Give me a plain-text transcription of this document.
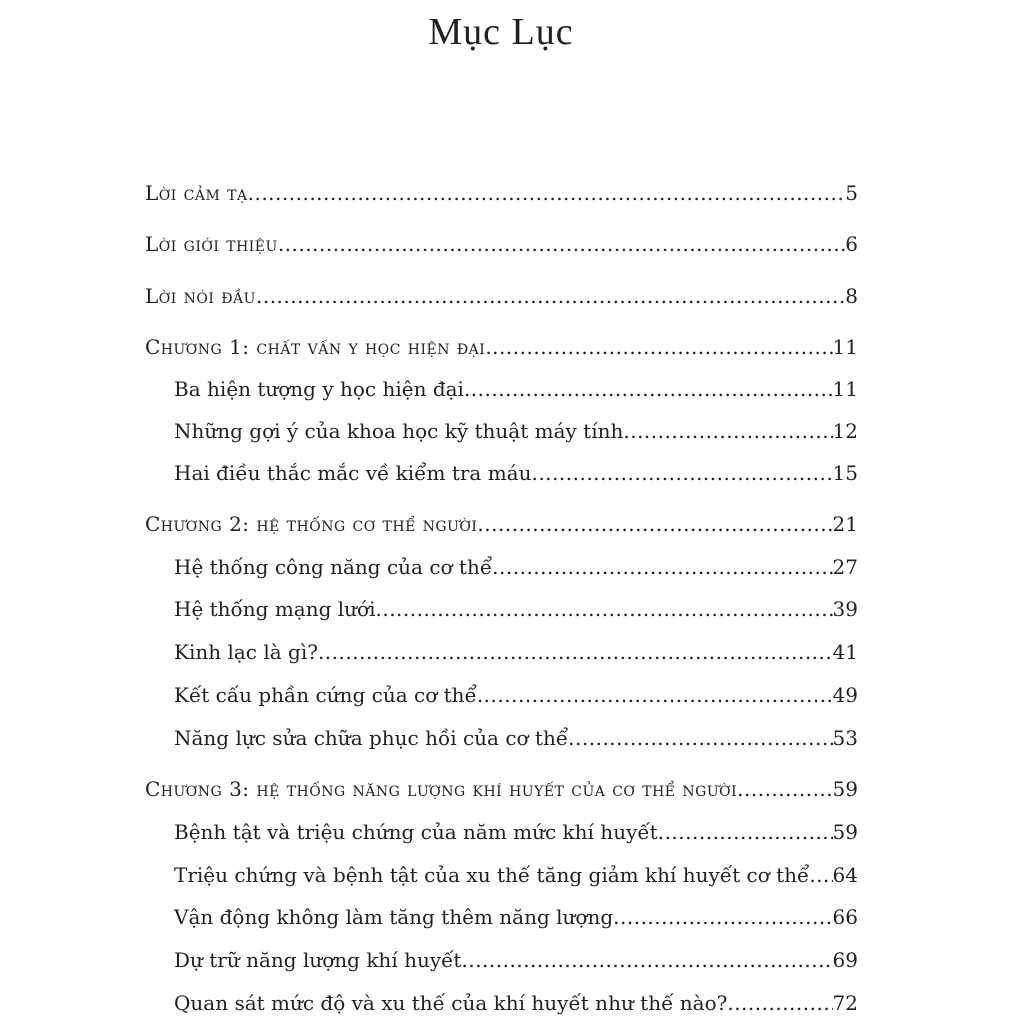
Mục Lục
Lời cảm tạ .....	5
Lời giới thiệu .....	6
Lời nói đầu .....	8
Chương 1: chất vấn y học hiện đại .....	11
Ba hiện tượng y học hiện đại .....	11
Những gợi ý của khoa học kỹ thuật máy tính .....	12
Hai điều thắc mắc về kiểm tra máu .....	15
Chương 2: hệ thống cơ thể người .....	21
Hệ thống công năng của cơ thể .....	27
Hệ thống mạng lưới .....	39
Kinh lạc là gì? .....	41
Kết cấu phần cứng của cơ thể .....	49
Năng lực sửa chữa phục hồi của cơ thể .....	53
Chương 3: hệ thống năng lượng khí huyết của cơ thể người .....	59
Bệnh tật và triệu chứng của năm mức khí huyết .....	59
Triệu chứng và bệnh tật của xu thế tăng giảm khí huyết cơ thể ..... 64
Vận động không làm tăng thêm năng lượng .....	66
Dự trữ năng lượng khí huyết .....	69
Quan sát mức độ và xu thế của khí huyết như thế nào? .....	72
